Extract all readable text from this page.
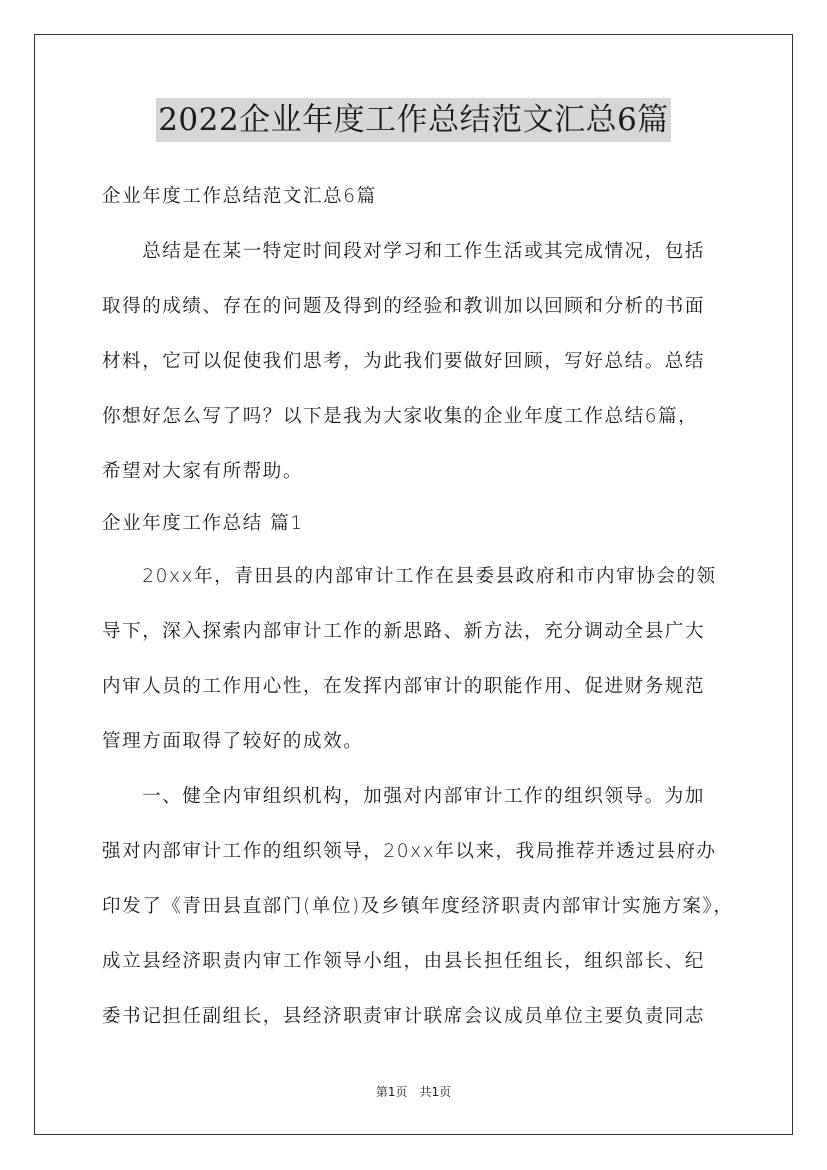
2022企业年度工作总结范文汇总6篇
企业年度工作总结范文汇总6篇
　　总结是在某一特定时间段对学习和工作生活或其完成情况，包括
取得的成绩、存在的问题及得到的经验和教训加以回顾和分析的书面
材料，它可以促使我们思考，为此我们要做好回顾，写好总结。总结
你想好怎么写了吗？以下是我为大家收集的企业年度工作总结6篇，
希望对大家有所帮助。
企业年度工作总结 篇1
　　20xx年，青田县的内部审计工作在县委县政府和市内审协会的领
导下，深入探索内部审计工作的新思路、新方法，充分调动全县广大
内审人员的工作用心性，在发挥内部审计的职能作用、促进财务规范
管理方面取得了较好的成效。
　　一、健全内审组织机构，加强对内部审计工作的组织领导。为加
强对内部审计工作的组织领导，20xx年以来，我局推荐并透过县府办
印发了《青田县直部门(单位)及乡镇年度经济职责内部审计实施方案》，
成立县经济职责内审工作领导小组，由县长担任组长，组织部长、纪
委书记担任副组长，县经济职责审计联席会议成员单位主要负责同志
第1页　共1页
